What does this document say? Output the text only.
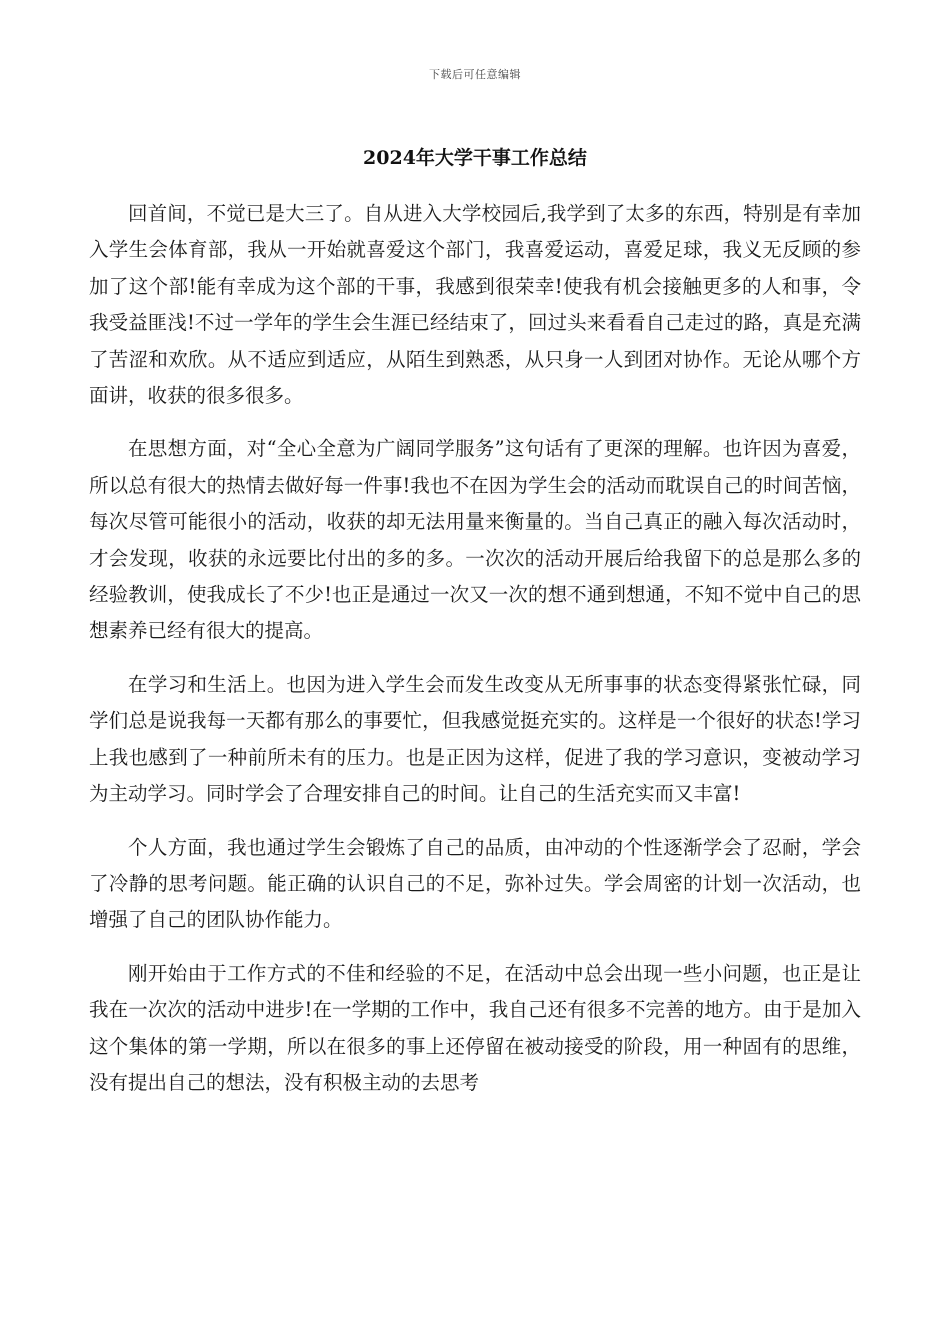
下载后可任意编辑
2024年大学干事工作总结

回首间，不觉已是大三了。自从进入大学校园后,我学到了太多的东西，特别是有幸加入学生会体育部，我从一开始就喜爱这个部门，我喜爱运动，喜爱足球，我义无反顾的参加了这个部!能有幸成为这个部的干事，我感到很荣幸!使我有机会接触更多的人和事，令我受益匪浅!不过一学年的学生会生涯已经结束了，回过头来看看自己走过的路，真是充满了苦涩和欢欣。从不适应到适应，从陌生到熟悉，从只身一人到团对协作。无论从哪个方面讲，收获的很多很多。

在思想方面，对“全心全意为广阔同学服务”这句话有了更深的理解。也许因为喜爱，所以总有很大的热情去做好每一件事!我也不在因为学生会的活动而耽误自己的时间苦恼，每次尽管可能很小的活动，收获的却无法用量来衡量的。当自己真正的融入每次活动时，才会发现，收获的永远要比付出的多的多。一次次的活动开展后给我留下的总是那么多的经验教训，使我成长了不少!也正是通过一次又一次的想不通到想通，不知不觉中自己的思想素养已经有很大的提高。

在学习和生活上。也因为进入学生会而发生改变从无所事事的状态变得紧张忙碌，同学们总是说我每一天都有那么的事要忙，但我感觉挺充实的。这样是一个很好的状态!学习上我也感到了一种前所未有的压力。也是正因为这样，促进了我的学习意识，变被动学习为主动学习。同时学会了合理安排自己的时间。让自己的生活充实而又丰富!

个人方面，我也通过学生会锻炼了自己的品质，由冲动的个性逐渐学会了忍耐，学会了冷静的思考问题。能正确的认识自己的不足，弥补过失。学会周密的计划一次活动，也增强了自己的团队协作能力。

刚开始由于工作方式的不佳和经验的不足，在活动中总会出现一些小问题，也正是让我在一次次的活动中进步!在一学期的工作中，我自己还有很多不完善的地方。由于是加入这个集体的第一学期，所以在很多的事上还停留在被动接受的阶段，用一种固有的思维，没有提出自己的想法，没有积极主动的去思考
